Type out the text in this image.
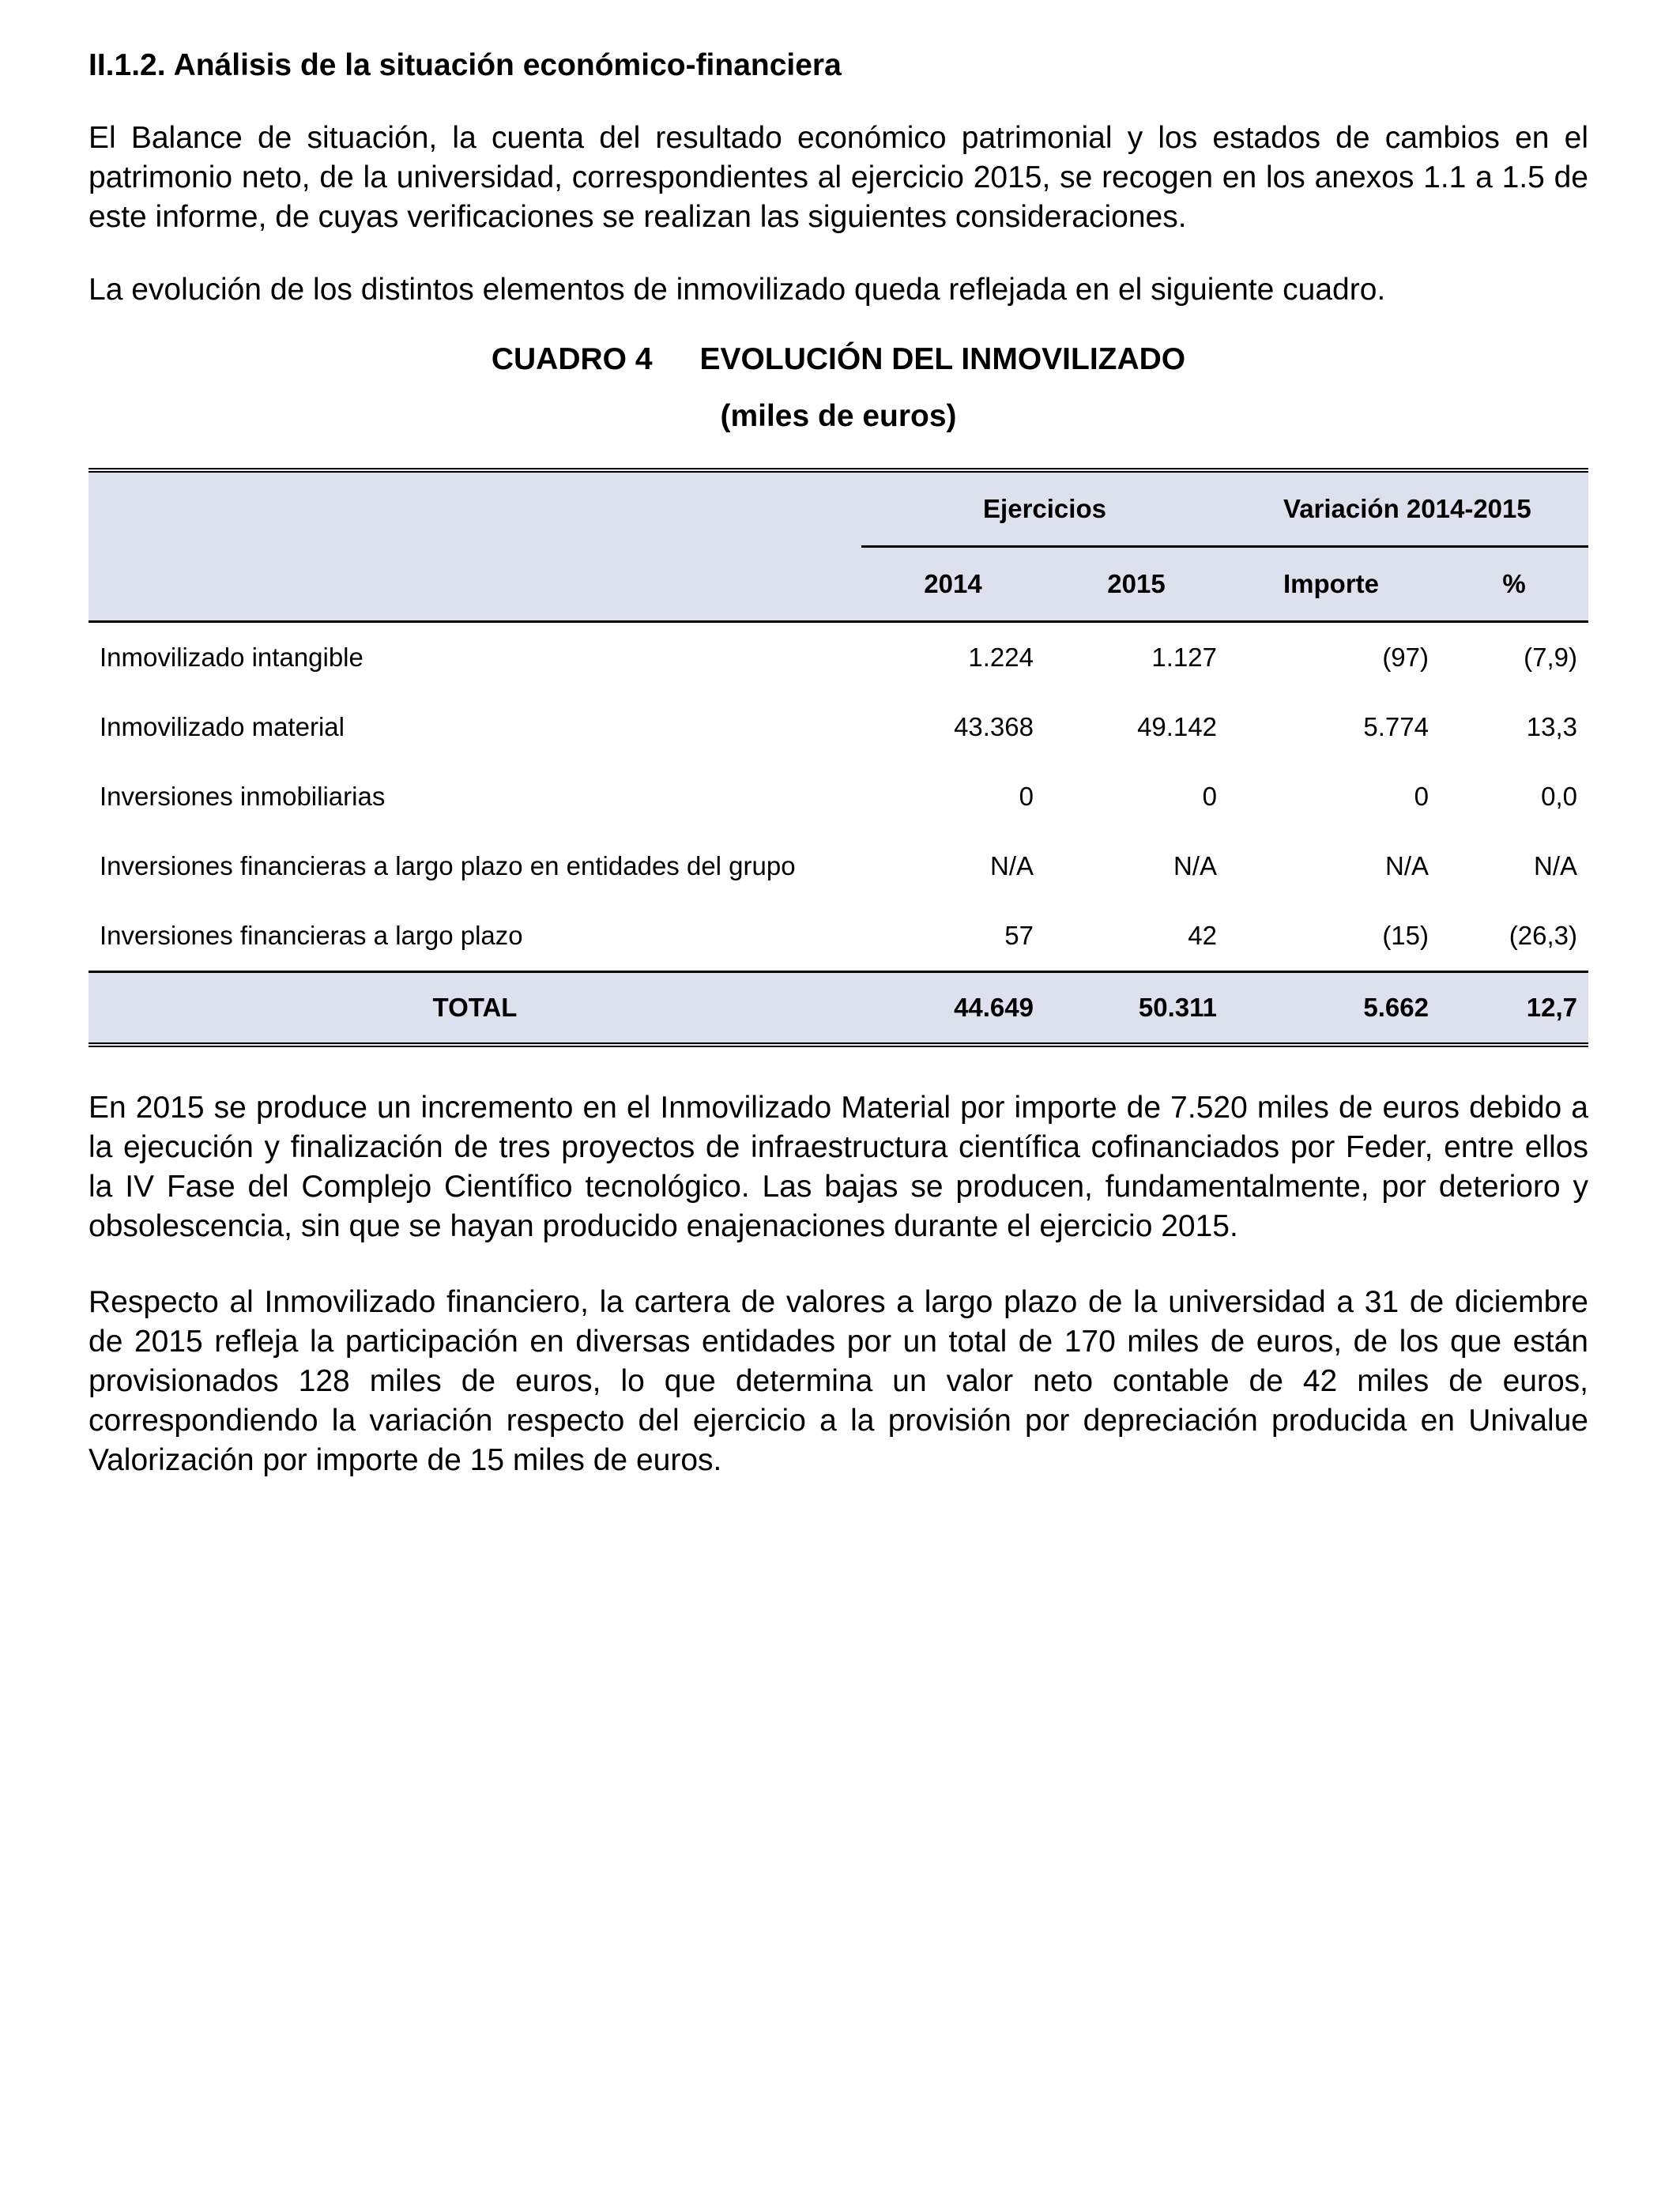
II.1.2. Análisis de la situación económico-financiera

El Balance de situación, la cuenta del resultado económico patrimonial y los estados de cambios en el patrimonio neto, de la universidad, correspondientes al ejercicio 2015, se recogen en los anexos 1.1 a 1.5 de este informe, de cuyas verificaciones se realizan las siguientes consideraciones.

La evolución de los distintos elementos de inmovilizado queda reflejada en el siguiente cuadro.

CUADRO 4 EVOLUCIÓN DEL INMOVILIZADO
(miles de euros)
	Ejercicios		Variación 2014-2015	
	2014	2015	Importe	%
Inmovilizado intangible	1.224	1.127	(97)	(7,9)
Inmovilizado material	43.368	49.142	5.774	13,3
Inversiones inmobiliarias	0	0	0	0,0
Inversiones financieras a largo plazo en entidades del grupo	N/A	N/A	N/A	N/A
Inversiones financieras a largo plazo	57	42	(15)	(26,3)
TOTAL	44.649	50.311	5.662	12,7

En 2015 se produce un incremento en el Inmovilizado Material por importe de 7.520 miles de euros debido a la ejecución y finalización de tres proyectos de infraestructura científica cofinanciados por Feder, entre ellos la IV Fase del Complejo Científico tecnológico. Las bajas se producen, fundamentalmente, por deterioro y obsolescencia, sin que se hayan producido enajenaciones durante el ejercicio 2015.

Respecto al Inmovilizado financiero, la cartera de valores a largo plazo de la universidad a 31 de diciembre de 2015 refleja la participación en diversas entidades por un total de 170 miles de euros, de los que están provisionados 128 miles de euros, lo que determina un valor neto contable de 42 miles de euros, correspondiendo la variación respecto del ejercicio a la provisión por depreciación producida en Univalue Valorización por importe de 15 miles de euros.
